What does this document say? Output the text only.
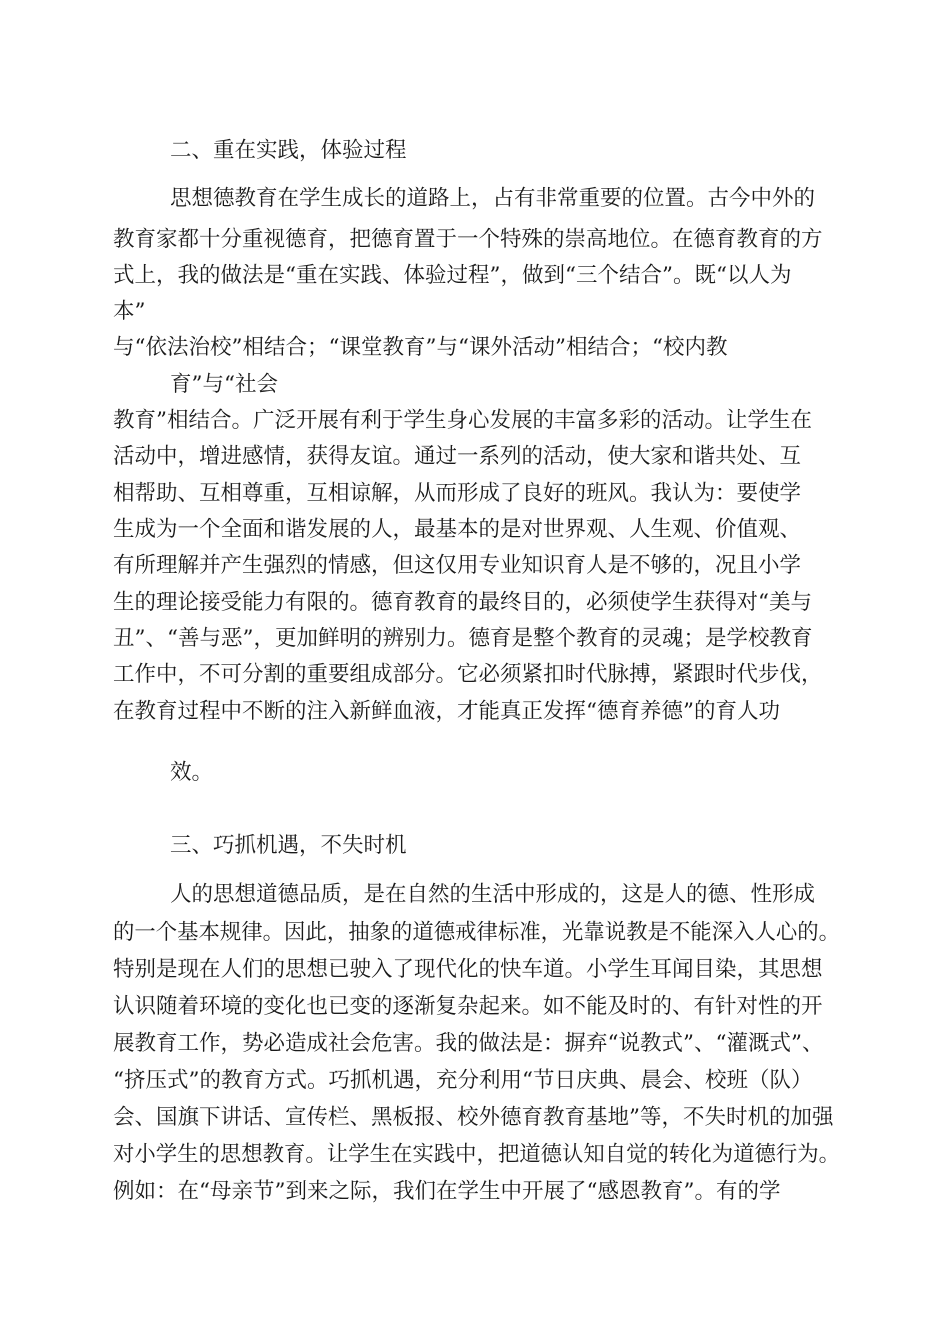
二、重在实践，体验过程
思想德教育在学生成长的道路上，占有非常重要的位置。古今中外的
教育家都十分重视德育，把德育置于一个特殊的崇高地位。在德育教育的方
式上，我的做法是“重在实践、体验过程”，做到“三个结合”。既“以人为
本”
与“依法治校”相结合；“课堂教育”与“课外活动”相结合；“校内教
育”与“社会
教育”相结合。广泛开展有利于学生身心发展的丰富多彩的活动。让学生在
活动中，增进感情，获得友谊。通过一系列的活动，使大家和谐共处、互
相帮助、互相尊重，互相谅解，从而形成了良好的班风。我认为：要使学
生成为一个全面和谐发展的人，最基本的是对世界观、人生观、价值观、
有所理解并产生强烈的情感，但这仅用专业知识育人是不够的，况且小学
生的理论接受能力有限的。德育教育的最终目的，必须使学生获得对“美与
丑”、“善与恶”，更加鲜明的辨别力。德育是整个教育的灵魂；是学校教育
工作中，不可分割的重要组成部分。它必须紧扣时代脉搏，紧跟时代步伐，
在教育过程中不断的注入新鲜血液，才能真正发挥“德育养德”的育人功
效。
三、巧抓机遇，不失时机
人的思想道德品质，是在自然的生活中形成的，这是人的德、性形成
的一个基本规律。因此，抽象的道德戒律标准，光靠说教是不能深入人心的。
特别是现在人们的思想已驶入了现代化的快车道。小学生耳闻目染，其思想
认识随着环境的变化也已变的逐渐复杂起来。如不能及时的、有针对性的开
展教育工作，势必造成社会危害。我的做法是：摒弃“说教式”、“灌溉式”、
“挤压式”的教育方式。巧抓机遇，充分利用“节日庆典、晨会、校班（队）
会、国旗下讲话、宣传栏、黑板报、校外德育教育基地”等，不失时机的加强
对小学生的思想教育。让学生在实践中，把道德认知自觉的转化为道德行为。
例如：在“母亲节”到来之际，我们在学生中开展了“感恩教育”。有的学
